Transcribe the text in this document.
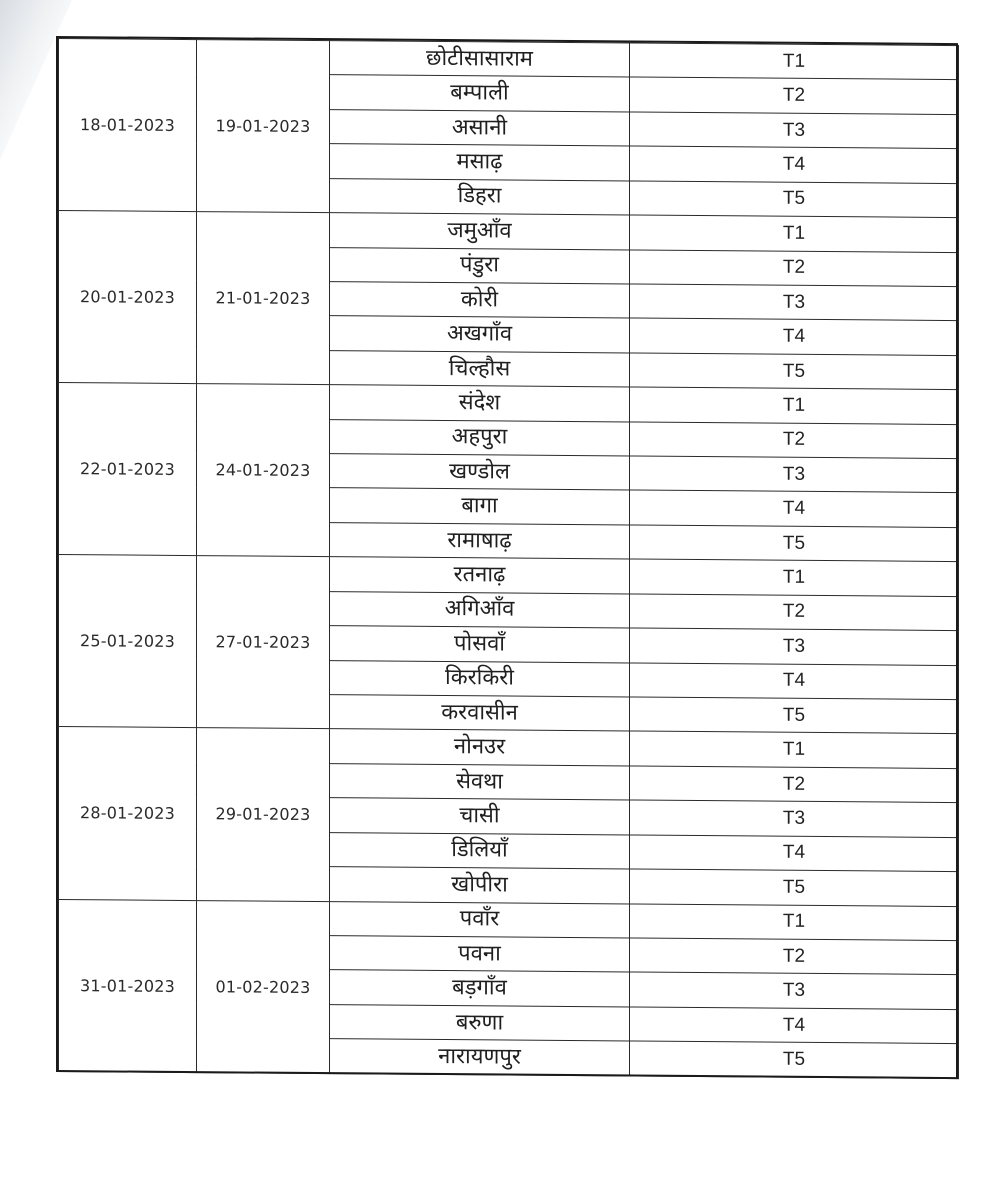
18-01-2023	19-01-2023	छोटीसासाराम	T1
		बम्पाली	T2
		असानी	T3
		मसाढ़	T4
		डिहरा	T5
20-01-2023	21-01-2023	जमुआँव	T1
		पंडुरा	T2
		कोरी	T3
		अखगाँव	T4
		चिल्हौस	T5
22-01-2023	24-01-2023	संदेश	T1
		अहपुरा	T2
		खण्डोल	T3
		बागा	T4
		रामाषाढ़	T5
25-01-2023	27-01-2023	रतनाढ़	T1
		अगिआँव	T2
		पोसवाँ	T3
		किरकिरी	T4
		करवासीन	T5
28-01-2023	29-01-2023	नोनउर	T1
		सेवथा	T2
		चासी	T3
		डिलियाँ	T4
		खोपीरा	T5
31-01-2023	01-02-2023	पवाँर	T1
		पवना	T2
		बड़गाँव	T3
		बरुणा	T4
		नारायणपुर	T5
